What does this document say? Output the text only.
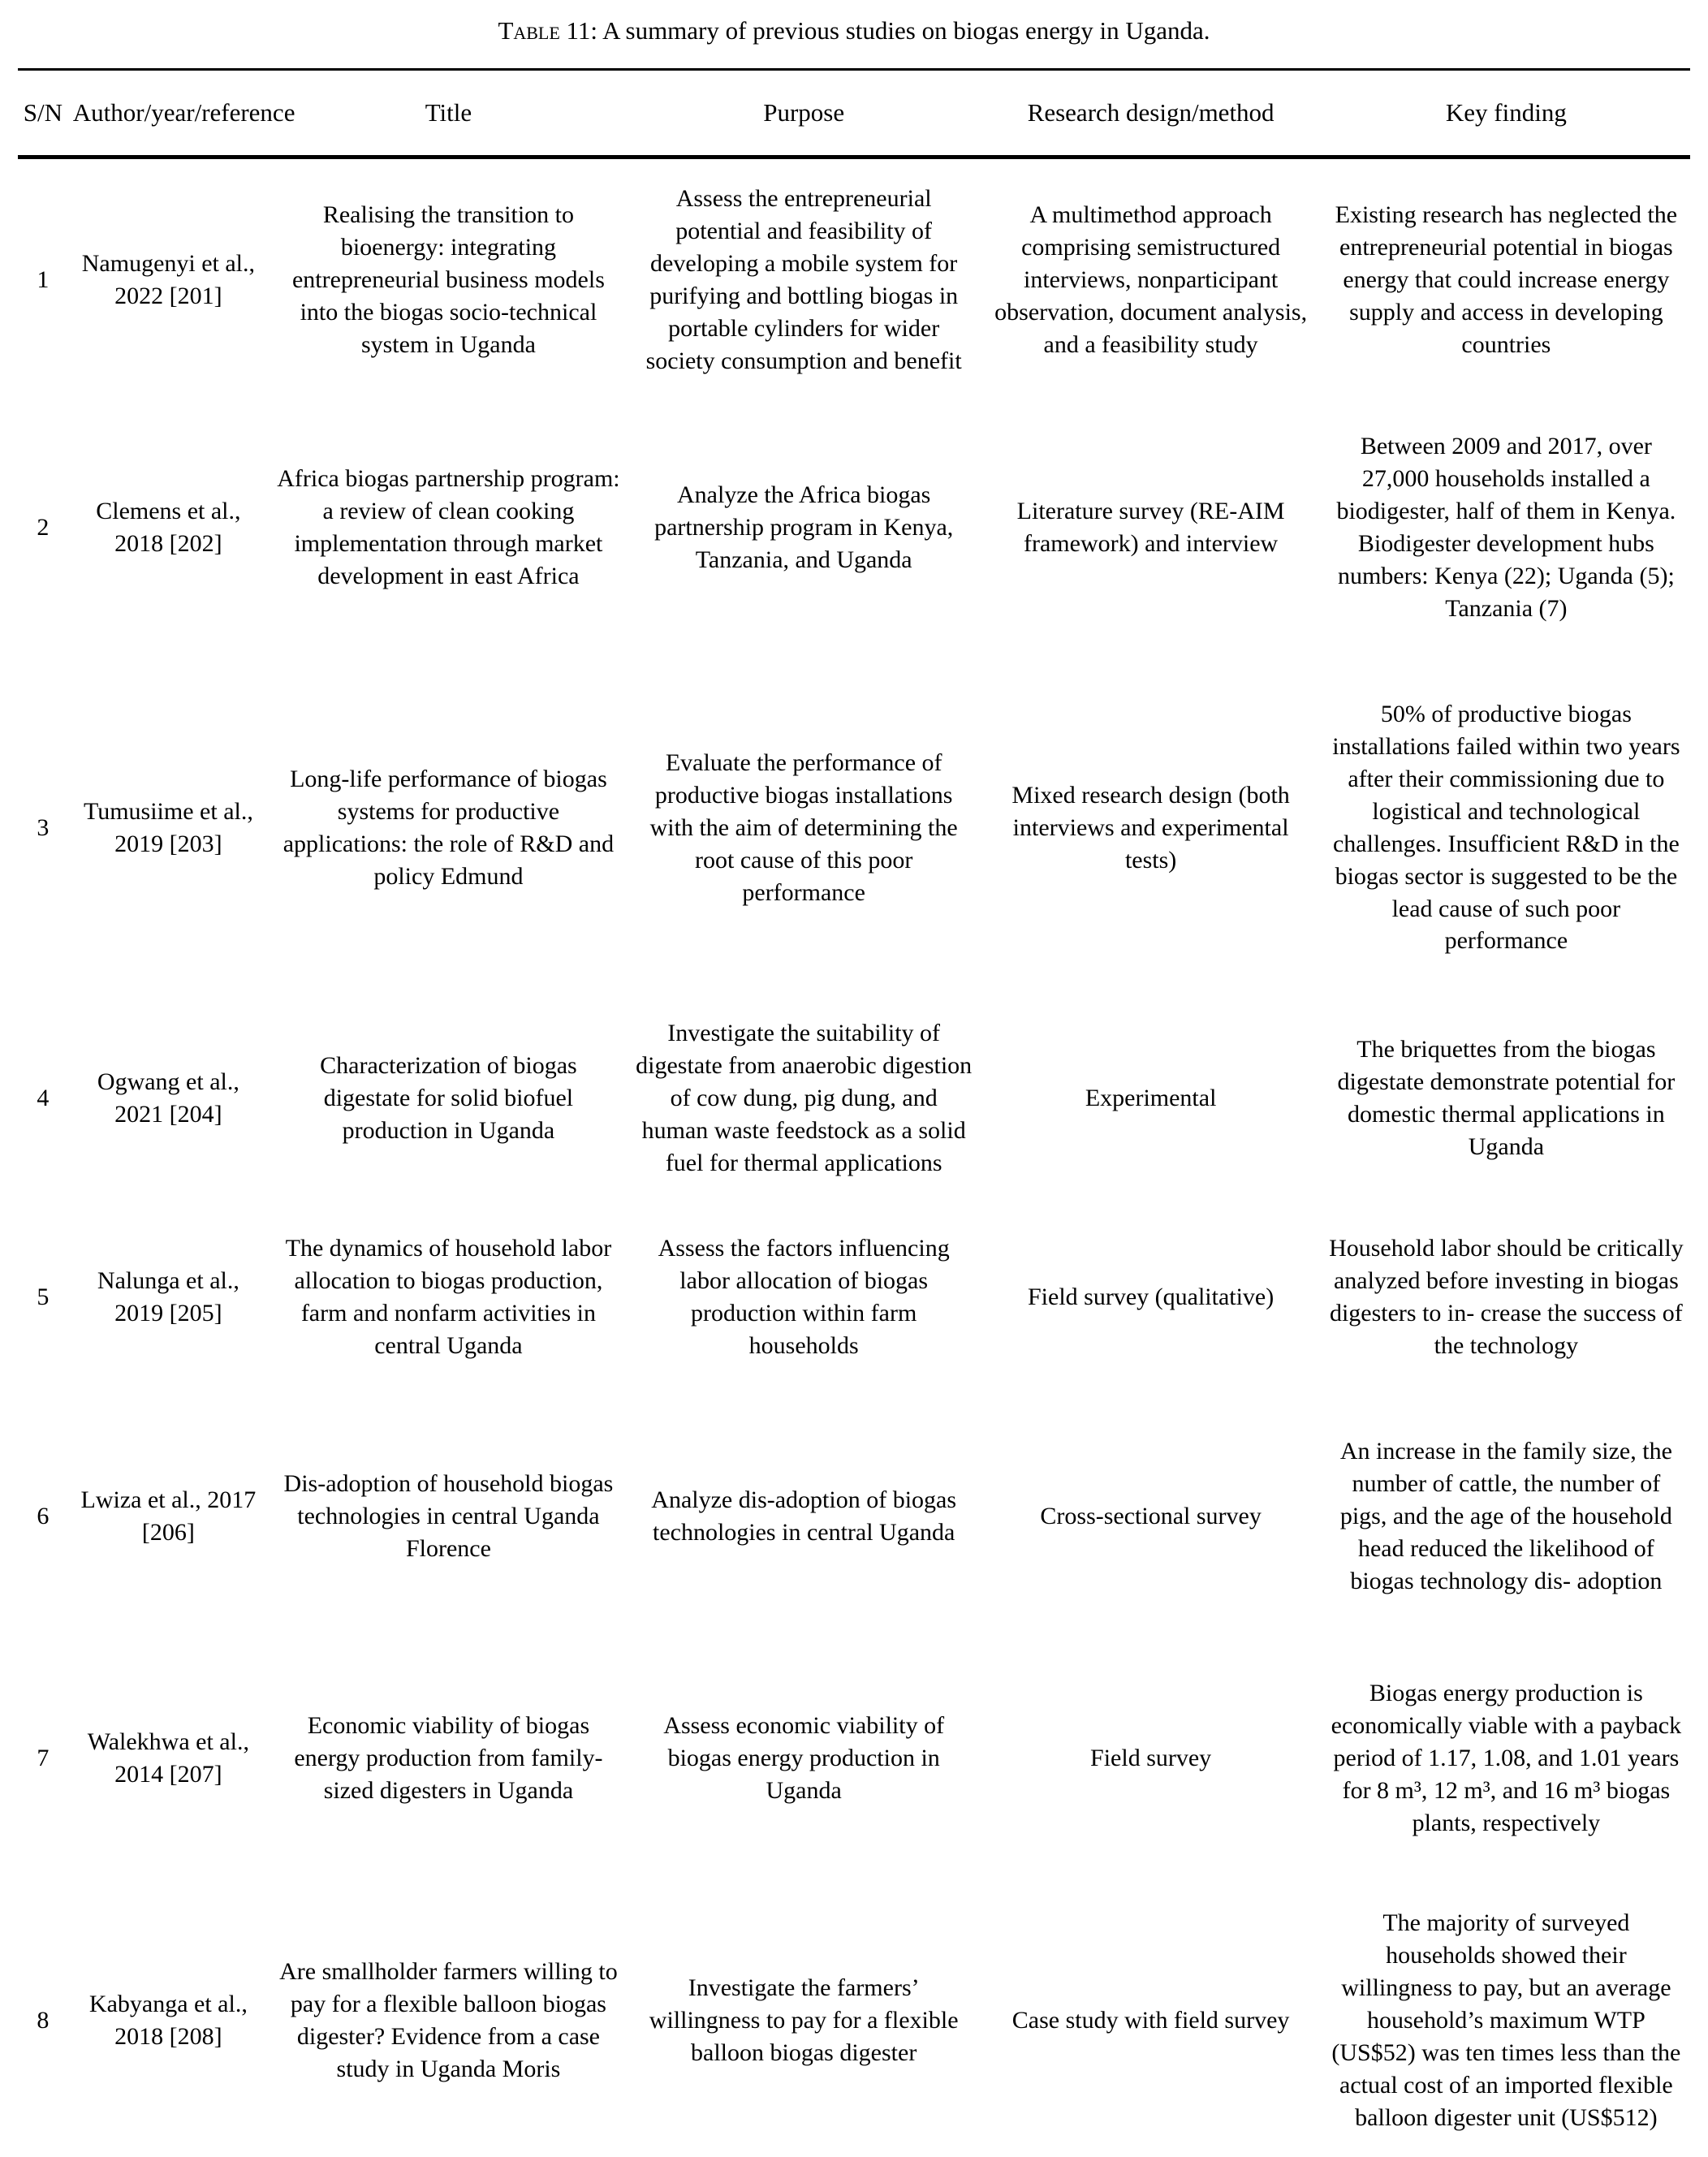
Table 11: A summary of previous studies on biogas energy in Uganda.
S/N	Author/year/reference	Title	Purpose	Research design/method	Key finding
1	Namugenyi et al., 2022 [201]	Realising the transition to bioenergy: integrating entrepreneurial business models into the biogas socio-technical system in Uganda	Assess the entrepreneurial potential and feasibility of developing a mobile system for purifying and bottling biogas in portable cylinders for wider society consumption and benefit	A multimethod approach comprising semistructured interviews, nonparticipant observation, document analysis, and a feasibility study	Existing research has neglected the entrepreneurial potential in biogas energy that could increase energy supply and access in developing countries
2	Clemens et al., 2018 [202]	Africa biogas partnership program: a review of clean cooking implementation through market development in east Africa	Analyze the Africa biogas partnership program in Kenya, Tanzania, and Uganda	Literature survey (RE-AIM framework) and interview	Between 2009 and 2017, over 27,000 households installed a biodigester, half of them in Kenya. Biodigester development hubs numbers: Kenya (22); Uganda (5); Tanzania (7)
3	Tumusiime et al., 2019 [203]	Long-life performance of biogas systems for productive applications: the role of R&D and policy Edmund	Evaluate the performance of productive biogas installations with the aim of determining the root cause of this poor performance	Mixed research design (both interviews and experimental tests)	50% of productive biogas installations failed within two years after their commissioning due to logistical and technological challenges. Insufficient R&D in the biogas sector is suggested to be the lead cause of such poor performance
4	Ogwang et al., 2021 [204]	Characterization of biogas digestate for solid biofuel production in Uganda	Investigate the suitability of digestate from anaerobic digestion of cow dung, pig dung, and human waste feedstock as a solid fuel for thermal applications	Experimental	The briquettes from the biogas digestate demonstrate potential for domestic thermal applications in Uganda
5	Nalunga et al., 2019 [205]	The dynamics of household labor allocation to biogas production, farm and nonfarm activities in central Uganda	Assess the factors influencing labor allocation of biogas production within farm households	Field survey (qualitative)	Household labor should be critically analyzed before investing in biogas digesters to in- crease the success of the technology
6	Lwiza et al., 2017 [206]	Dis-adoption of household biogas technologies in central Uganda Florence	Analyze dis-adoption of biogas technologies in central Uganda	Cross-sectional survey	An increase in the family size, the number of cattle, the number of pigs, and the age of the household head reduced the likelihood of biogas technology dis- adoption
7	Walekhwa et al., 2014 [207]	Economic viability of biogas energy production from family-sized digesters in Uganda	Assess economic viability of biogas energy production in Uganda	Field survey	Biogas energy production is economically viable with a payback period of 1.17, 1.08, and 1.01 years for 8 m³, 12 m³, and 16 m³ biogas plants, respectively
8	Kabyanga et al., 2018 [208]	Are smallholder farmers willing to pay for a flexible balloon biogas digester? Evidence from a case study in Uganda Moris	Investigate the farmers’ willingness to pay for a flexible balloon biogas digester	Case study with field survey	The majority of surveyed households showed their willingness to pay, but an average household’s maximum WTP (US$52) was ten times less than the actual cost of an imported flexible balloon digester unit (US$512)
